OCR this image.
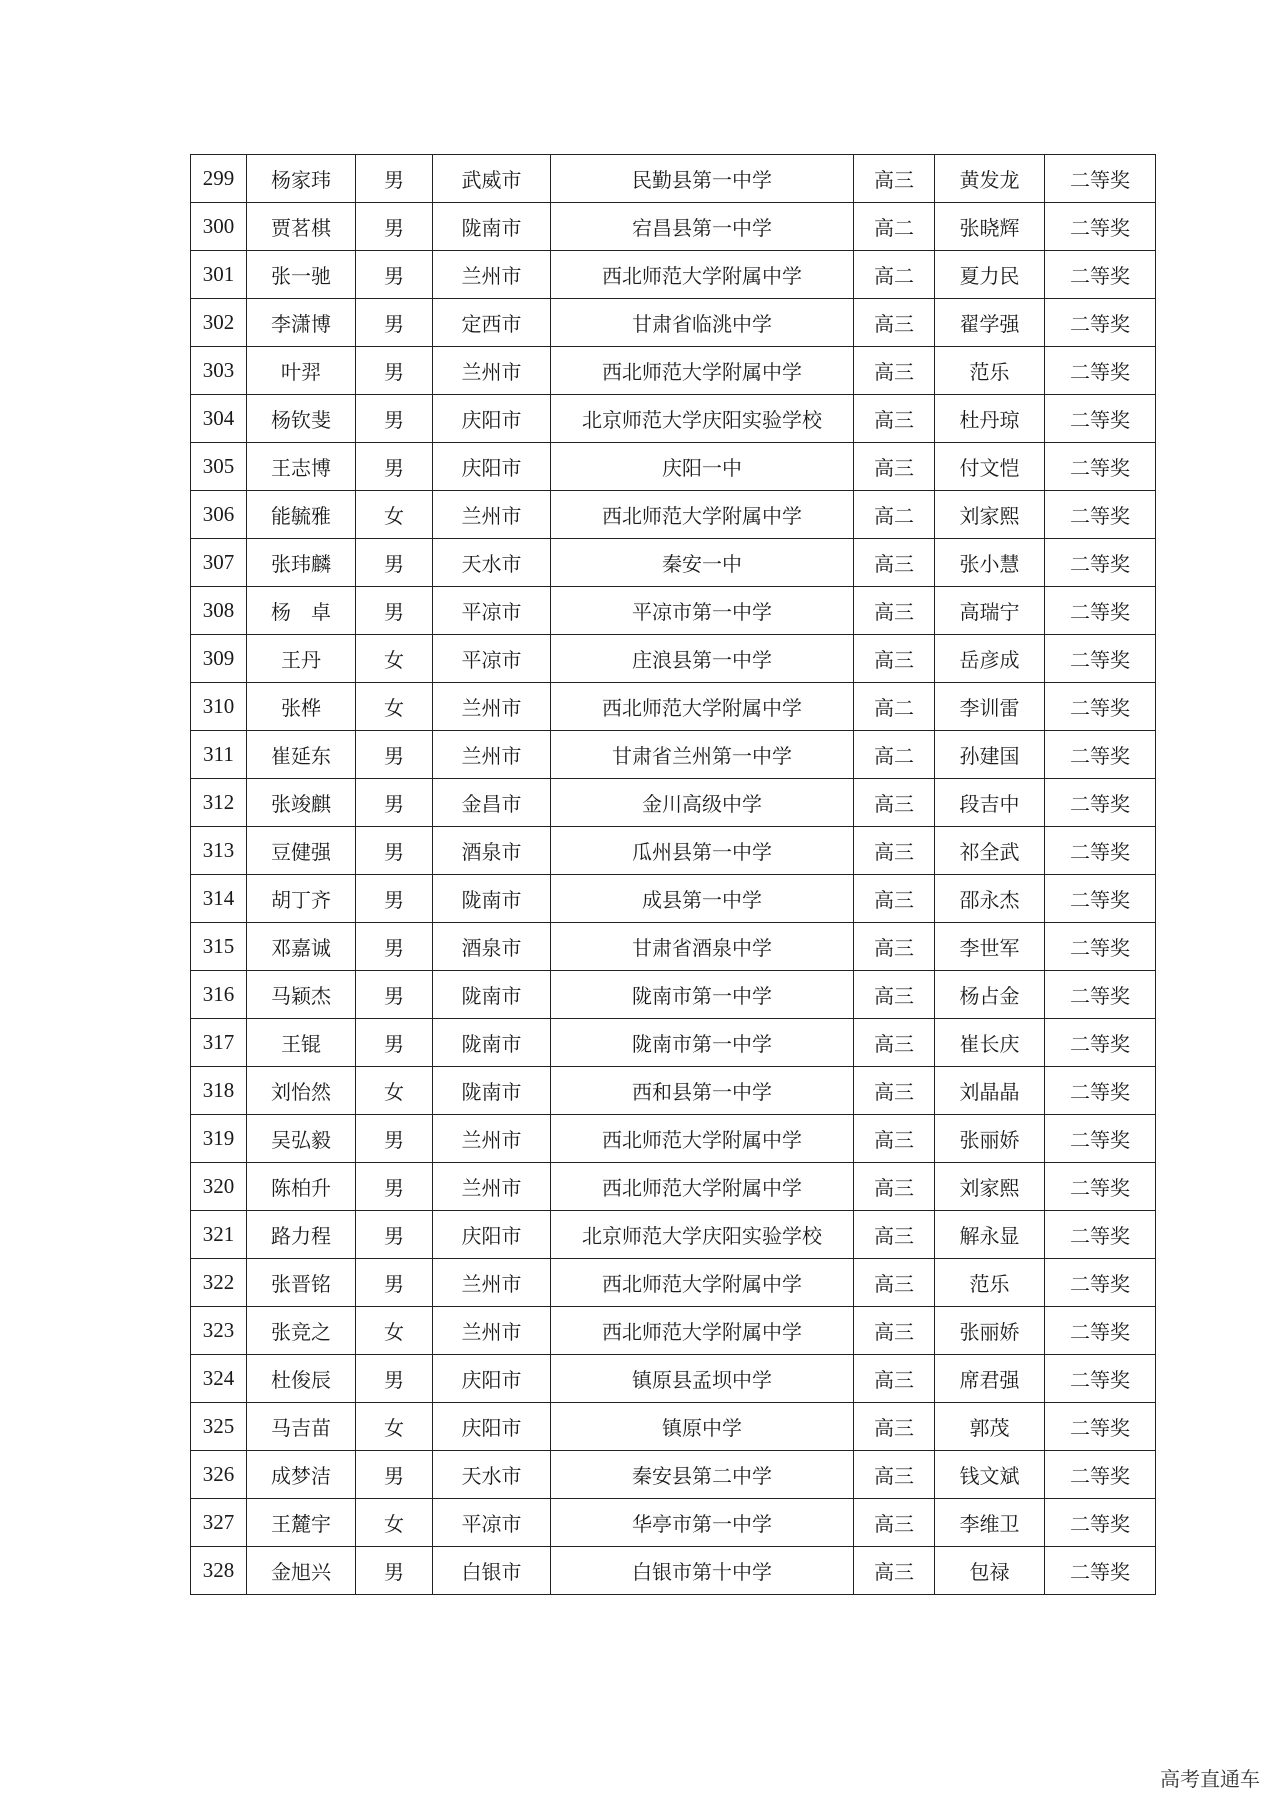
299	杨家玮	男	武威市	民勤县第一中学	高三	黄发龙	二等奖
300	贾茗棋	男	陇南市	宕昌县第一中学	高二	张晓辉	二等奖
301	张一驰	男	兰州市	西北师范大学附属中学	高二	夏力民	二等奖
302	李潇博	男	定西市	甘肃省临洮中学	高三	翟学强	二等奖
303	叶羿	男	兰州市	西北师范大学附属中学	高三	范乐	二等奖
304	杨钦斐	男	庆阳市	北京师范大学庆阳实验学校	高三	杜丹琼	二等奖
305	王志博	男	庆阳市	庆阳一中	高三	付文恺	二等奖
306	能毓雅	女	兰州市	西北师范大学附属中学	高二	刘家熙	二等奖
307	张玮麟	男	天水市	秦安一中	高三	张小慧	二等奖
308	杨　卓	男	平凉市	平凉市第一中学	高三	高瑞宁	二等奖
309	王丹	女	平凉市	庄浪县第一中学	高三	岳彦成	二等奖
310	张桦	女	兰州市	西北师范大学附属中学	高二	李训雷	二等奖
311	崔延东	男	兰州市	甘肃省兰州第一中学	高二	孙建国	二等奖
312	张竣麒	男	金昌市	金川高级中学	高三	段吉中	二等奖
313	豆健强	男	酒泉市	瓜州县第一中学	高三	祁全武	二等奖
314	胡丁齐	男	陇南市	成县第一中学	高三	邵永杰	二等奖
315	邓嘉诚	男	酒泉市	甘肃省酒泉中学	高三	李世军	二等奖
316	马颖杰	男	陇南市	陇南市第一中学	高三	杨占金	二等奖
317	王锟	男	陇南市	陇南市第一中学	高三	崔长庆	二等奖
318	刘怡然	女	陇南市	西和县第一中学	高三	刘晶晶	二等奖
319	吴弘毅	男	兰州市	西北师范大学附属中学	高三	张丽娇	二等奖
320	陈柏升	男	兰州市	西北师范大学附属中学	高三	刘家熙	二等奖
321	路力程	男	庆阳市	北京师范大学庆阳实验学校	高三	解永显	二等奖
322	张晋铭	男	兰州市	西北师范大学附属中学	高三	范乐	二等奖
323	张竞之	女	兰州市	西北师范大学附属中学	高三	张丽娇	二等奖
324	杜俊辰	男	庆阳市	镇原县孟坝中学	高三	席君强	二等奖
325	马吉苗	女	庆阳市	镇原中学	高三	郭茂	二等奖
326	成梦洁	男	天水市	秦安县第二中学	高三	钱文斌	二等奖
327	王麓宇	女	平凉市	华亭市第一中学	高三	李维卫	二等奖
328	金旭兴	男	白银市	白银市第十中学	高三	包禄	二等奖
高考直通车
